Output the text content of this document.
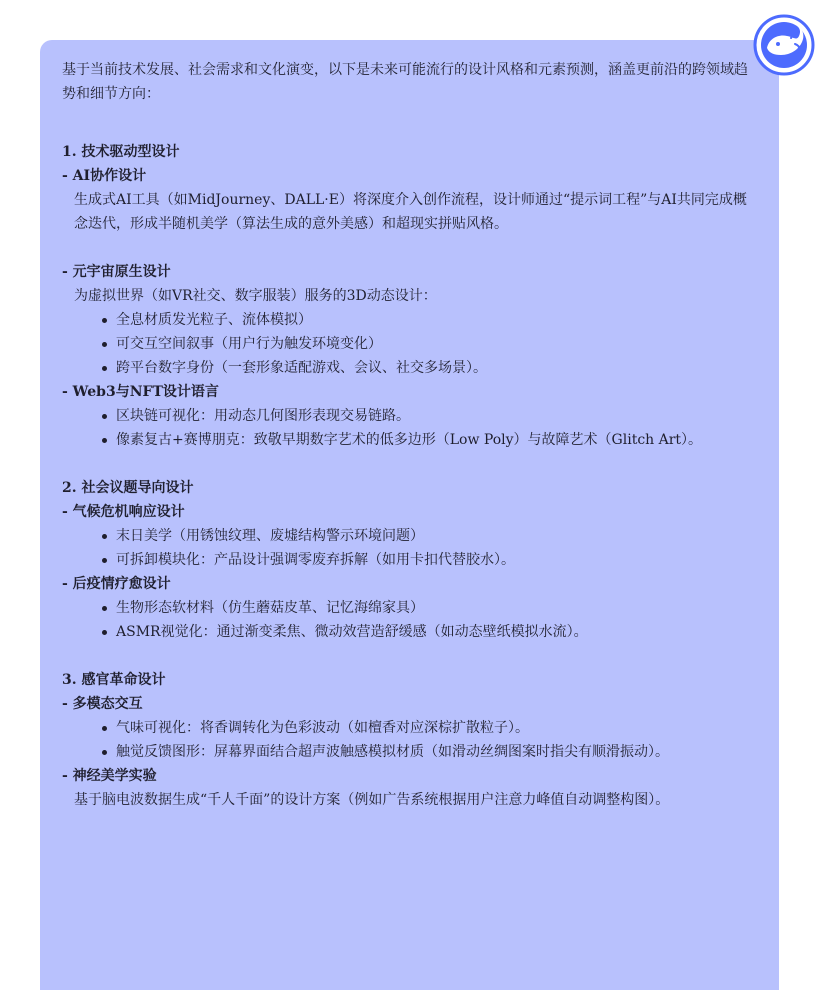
基于当前技术发展、社会需求和文化演变，以下是未来可能流行的设计风格和元素预测，涵盖更前沿的跨领域趋势和细节方向：

1. 技术驱动型设计

- AI协作设计

生成式AI工具（如MidJourney、DALL·E）将深度介入创作流程，设计师通过“提示词工程”与AI共同完成概念迭代，形成半随机美学（算法生成的意外美感）和超现实拼贴风格。

- 元宇宙原生设计

为虚拟世界（如VR社交、数字服装）服务的3D动态设计：

全息材质发光粒子、流体模拟）
可交互空间叙事（用户行为触发环境变化）
跨平台数字身份（一套形象适配游戏、会议、社交多场景）。

- Web3与NFT设计语言

区块链可视化：用动态几何图形表现交易链路。
像素复古+赛博朋克：致敬早期数字艺术的低多边形（Low Poly）与故障艺术（Glitch Art）。

2. 社会议题导向设计

- 气候危机响应设计

末日美学（用锈蚀纹理、废墟结构警示环境问题）
可拆卸模块化：产品设计强调零废弃拆解（如用卡扣代替胶水）。

- 后疫情疗愈设计

生物形态软材料（仿生蘑菇皮革、记忆海绵家具）
ASMR视觉化：通过渐变柔焦、微动效营造舒缓感（如动态壁纸模拟水流）。

3. 感官革命设计

- 多模态交互

气味可视化：将香调转化为色彩波动（如檀香对应深棕扩散粒子）。
触觉反馈图形：屏幕界面结合超声波触感模拟材质（如滑动丝绸图案时指尖有顺滑振动）。

- 神经美学实验

基于脑电波数据生成“千人千面”的设计方案（例如广告系统根据用户注意力峰值自动调整构图）。
